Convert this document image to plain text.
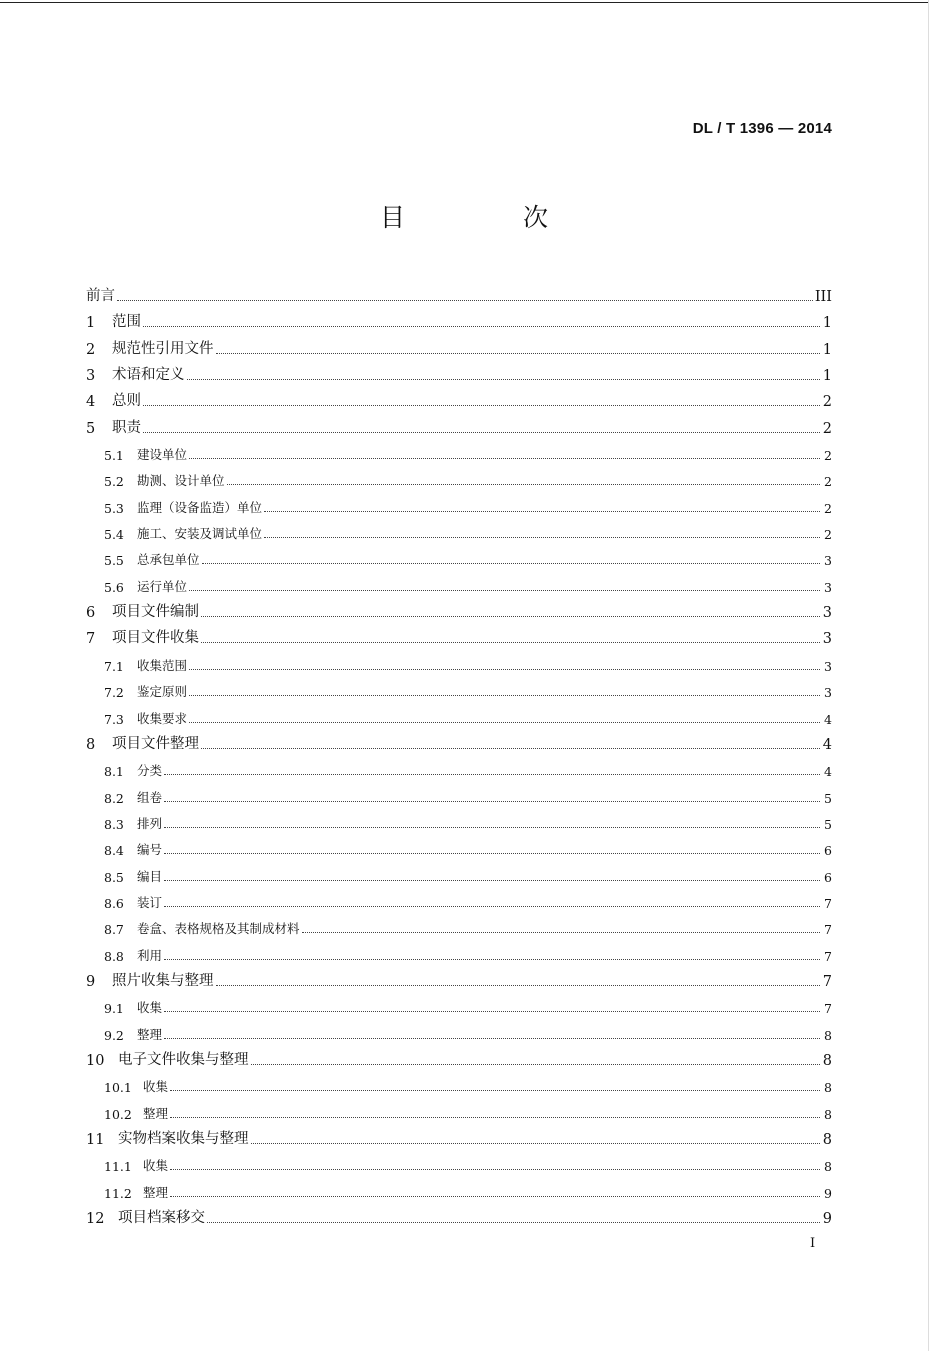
DL / T 1396 — 2014
目 次
前言	III
1	范围	1
2	规范性引用文件	1
3	术语和定义	1
4	总则	2
5	职责	2
5.1	建设单位	2
5.2	勘测、设计单位	2
5.3	监理（设备监造）单位	2
5.4	施工、安装及调试单位	2
5.5	总承包单位	3
5.6	运行单位	3
6	项目文件编制	3
7	项目文件收集	3
7.1	收集范围	3
7.2	鉴定原则	3
7.3	收集要求	4
8	项目文件整理	4
8.1	分类	4
8.2	组卷	5
8.3	排列	5
8.4	编号	6
8.5	编目	6
8.6	装订	7
8.7	卷盒、表格规格及其制成材料	7
8.8	利用	7
9	照片收集与整理	7
9.1	收集	7
9.2	整理	8
10 电子文件收集与整理	8
10.1 收集	8
10.2 整理	8
11 实物档案收集与整理	8
11.1 收集	8
11.2 整理	9
12 项目档案移交	9
I
